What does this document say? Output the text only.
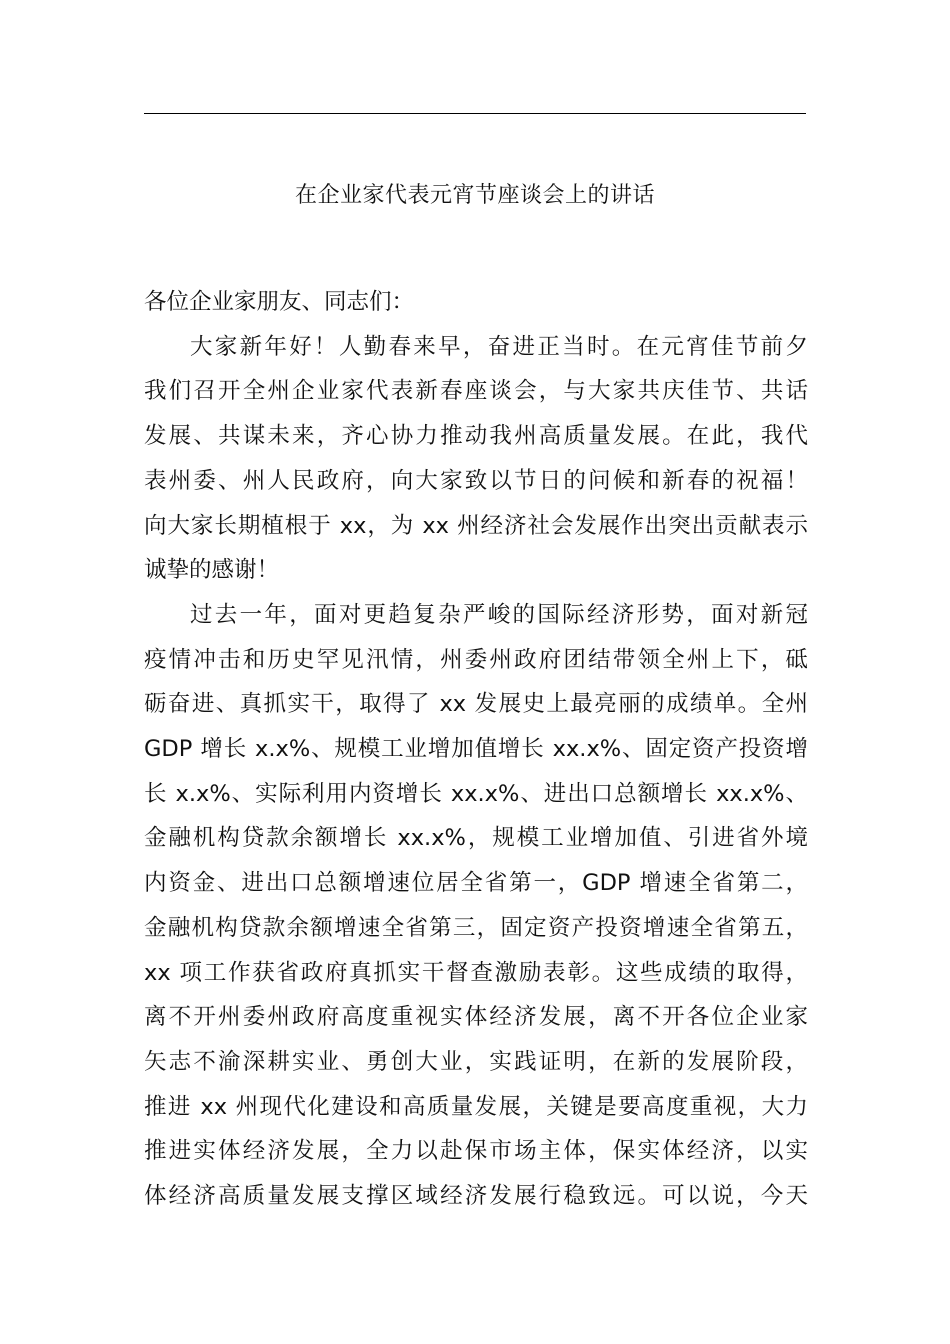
在企业家代表元宵节座谈会上的讲话

各位企业家朋友、同志们：

大家新年好！人勤春来早，奋进正当时。在元宵佳节前夕
我们召开全州企业家代表新春座谈会，与大家共庆佳节、共话
发展、共谋未来，齐心协力推动我州高质量发展。在此，我代
表州委、州人民政府，向大家致以节日的问候和新春的祝福！
向大家长期植根于 xx，为 xx 州经济社会发展作出突出贡献表示
诚挚的感谢！

过去一年，面对更趋复杂严峻的国际经济形势，面对新冠
疫情冲击和历史罕见汛情，州委州政府团结带领全州上下，砥
砺奋进、真抓实干，取得了 xx 发展史上最亮丽的成绩单。全州
GDP 增长 x.x%、规模工业增加值增长 xx.x%、固定资产投资增
长 x.x%、实际利用内资增长 xx.x%、进出口总额增长 xx.x%、
金融机构贷款余额增长 xx.x%，规模工业增加值、引进省外境
内资金、进出口总额增速位居全省第一，GDP 增速全省第二，
金融机构贷款余额增速全省第三，固定资产投资增速全省第五，
xx 项工作获省政府真抓实干督查激励表彰。这些成绩的取得，
离不开州委州政府高度重视实体经济发展，离不开各位企业家
矢志不渝深耕实业、勇创大业，实践证明，在新的发展阶段，
推进 xx 州现代化建设和高质量发展，关键是要高度重视，大力
推进实体经济发展，全力以赴保市场主体，保实体经济，以实
体经济高质量发展支撑区域经济发展行稳致远。可以说，今天
